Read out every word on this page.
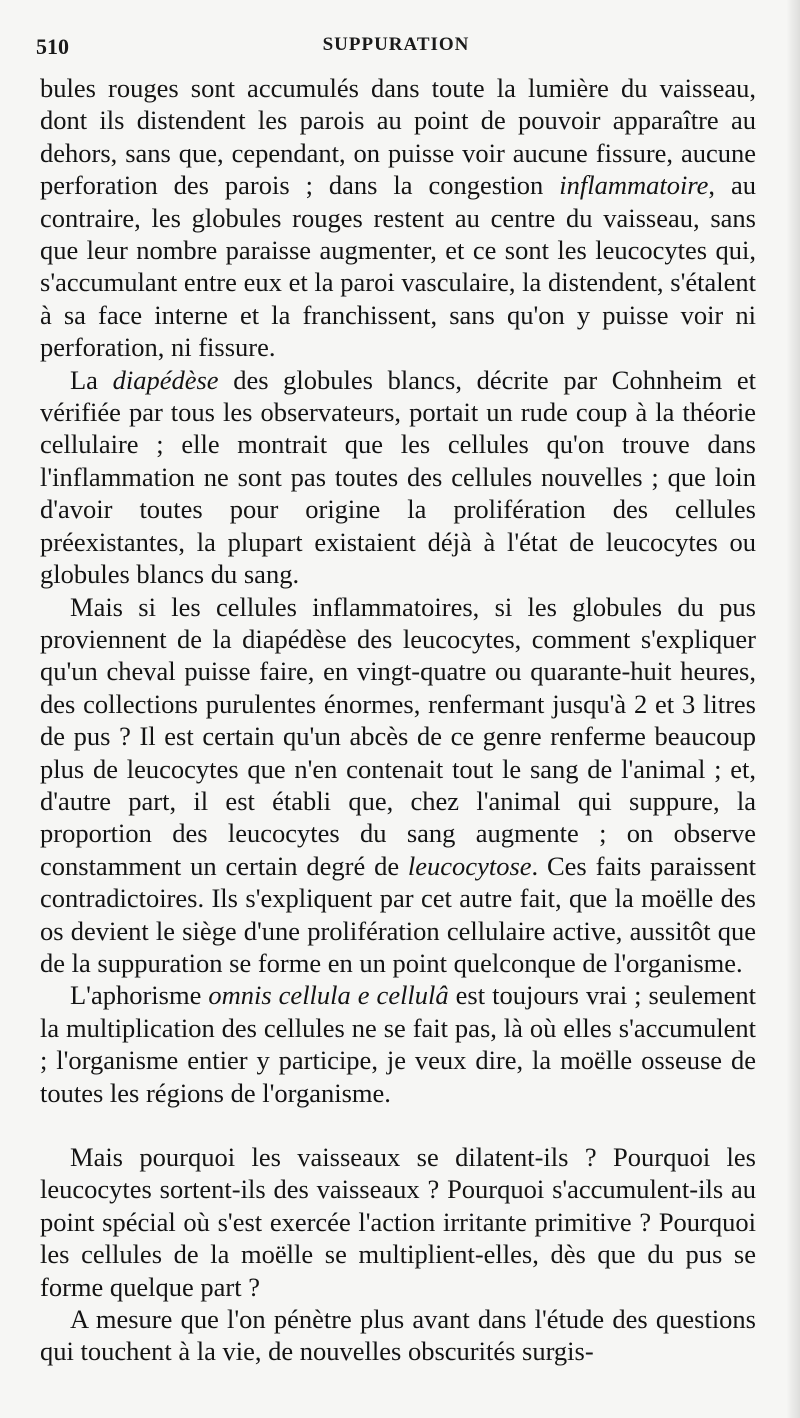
510	SUPPURATION

bules rouges sont accumulés dans toute la lumière du vaisseau, dont ils distendent les parois au point de pouvoir apparaître au dehors, sans que, cependant, on puisse voir aucune fissure, aucune perforation des parois ; dans la congestion inflammatoire, au contraire, les globules rouges restent au centre du vaisseau, sans que leur nombre paraisse augmenter, et ce sont les leucocytes qui, s'accumulant entre eux et la paroi vasculaire, la distendent, s'étalent à sa face interne et la franchissent, sans qu'on y puisse voir ni perforation, ni fissure.

La diapédèse des globules blancs, décrite par Cohnheim et vérifiée par tous les observateurs, portait un rude coup à la théorie cellulaire ; elle montrait que les cellules qu'on trouve dans l'inflammation ne sont pas toutes des cellules nouvelles ; que loin d'avoir toutes pour origine la prolifération des cellules préexistantes, la plupart existaient déjà à l'état de leucocytes ou globules blancs du sang.

Mais si les cellules inflammatoires, si les globules du pus proviennent de la diapédèse des leucocytes, comment s'expliquer qu'un cheval puisse faire, en vingt-quatre ou quarante-huit heures, des collections purulentes énormes, renfermant jusqu'à 2 et 3 litres de pus ? Il est certain qu'un abcès de ce genre renferme beaucoup plus de leucocytes que n'en contenait tout le sang de l'animal ; et, d'autre part, il est établi que, chez l'animal qui suppure, la proportion des leucocytes du sang augmente ; on observe constamment un certain degré de leucocytose. Ces faits paraissent contradictoires. Ils s'expliquent par cet autre fait, que la moëlle des os devient le siège d'une prolifération cellulaire active, aussitôt que de la suppuration se forme en un point quelconque de l'organisme.

L'aphorisme omnis cellula e cellulâ est toujours vrai ; seulement la multiplication des cellules ne se fait pas, là où elles s'accumulent ; l'organisme entier y participe, je veux dire, la moëlle osseuse de toutes les régions de l'organisme.

Mais pourquoi les vaisseaux se dilatent-ils ? Pourquoi les leucocytes sortent-ils des vaisseaux ? Pourquoi s'accumulent-ils au point spécial où s'est exercée l'action irritante primitive ? Pourquoi les cellules de la moëlle se multiplient-elles, dès que du pus se forme quelque part ?

A mesure que l'on pénètre plus avant dans l'étude des questions qui touchent à la vie, de nouvelles obscurités surgis-
